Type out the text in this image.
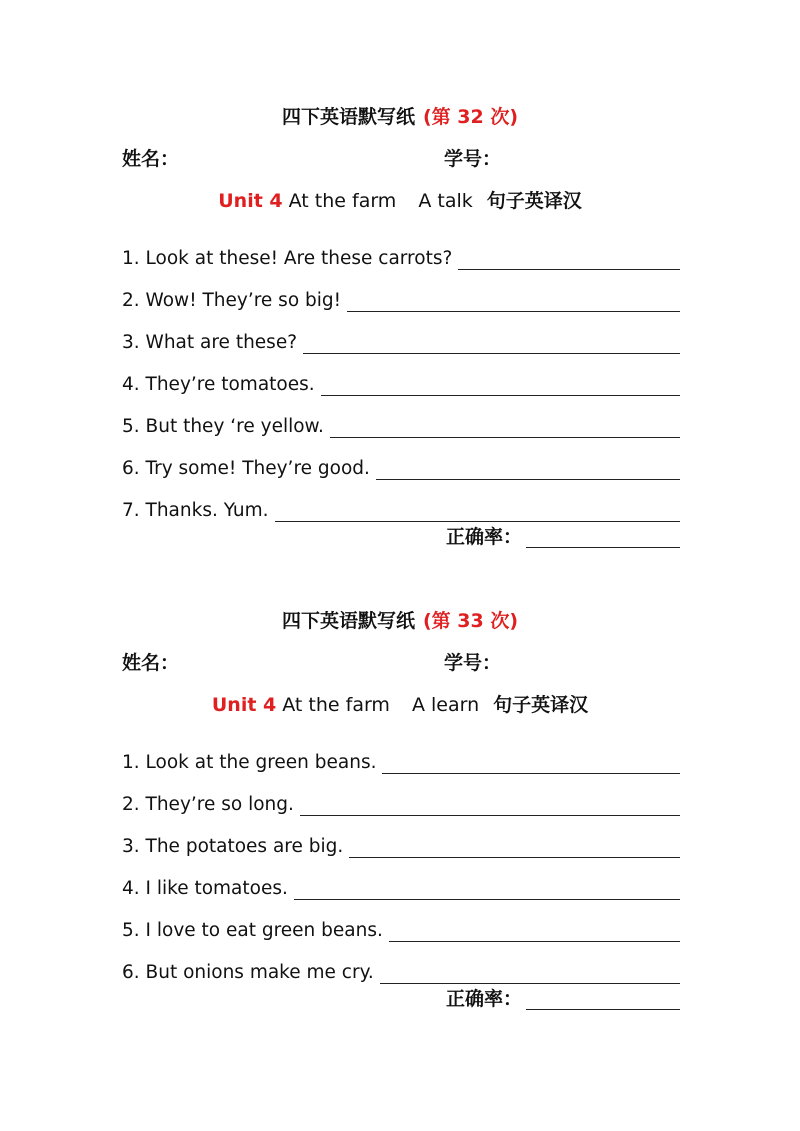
四下英语默写纸 (第 32 次)
姓名：	学号：
Unit 4 At the farm A talk 句子英译汉
1. Look at these! Are these carrots?
2. Wow! They’re so big!
3. What are these?
4. They’re tomatoes.
5. But they ‘re yellow.
6. Try some! They’re good.
7. Thanks. Yum.
正确率：
四下英语默写纸 (第 33 次)
姓名：	学号：
Unit 4 At the farm A learn 句子英译汉
1. Look at the green beans.
2. They’re so long.
3. The potatoes are big.
4. I like tomatoes.
5. I love to eat green beans.
6. But onions make me cry.
正确率：
